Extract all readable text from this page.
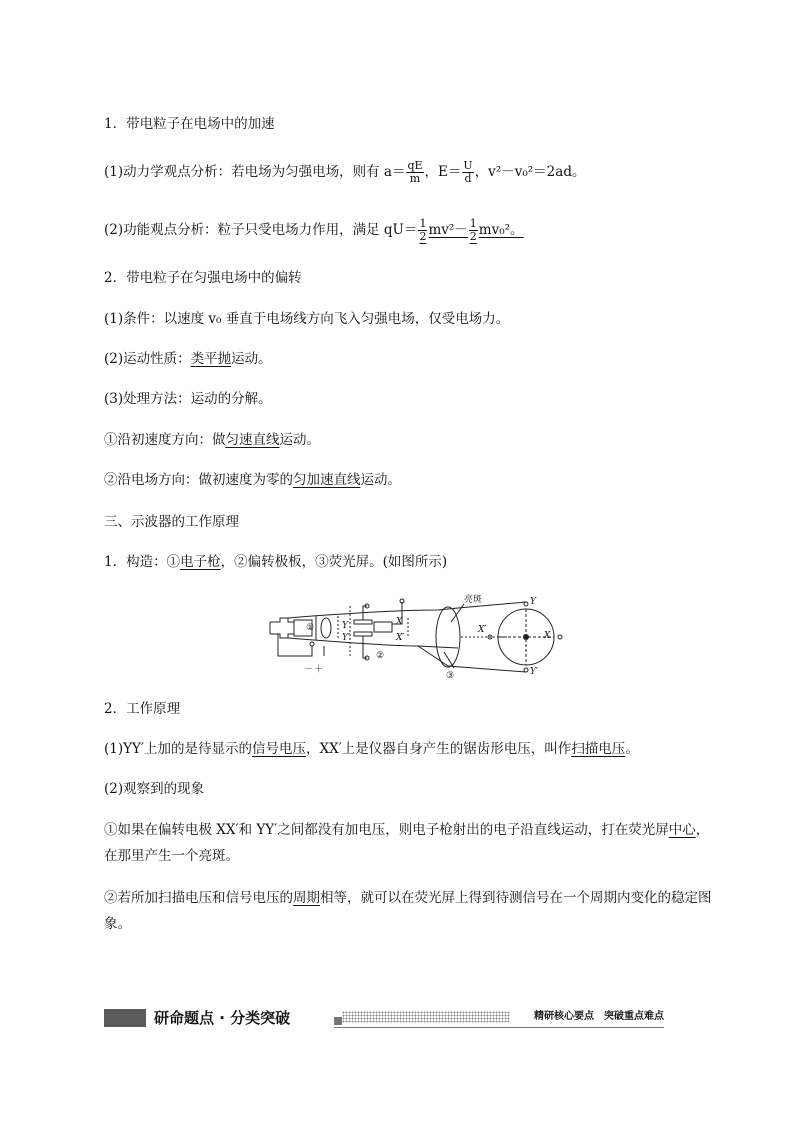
1．带电粒子在电场中的加速
(1)动力学观点分析：若电场为匀强电场，则有 $a= \frac{qE}{m}$ ，$E= \frac{U}{d}$ ，v²－v₀²＝2ad。
(2)功能观点分析：粒子只受电场力作用，满足 $qU= \frac{1}{2} mv^2- \frac{1}{2} mv_0^2$。
2．带电粒子在匀强电场中的偏转
(1)条件：以速度 v₀ 垂直于电场线方向飞入匀强电场，仅受电场力。
(2)运动性质：类平抛运动。
(3)处理方法：运动的分解。
①沿初速度方向：做匀速直线运动。
②沿电场方向：做初速度为零的匀加速直线运动。
三、示波器的工作原理
1．构造：①电子枪，②偏转极板，③荧光屏。(如图所示)
①
②
③
Y
Y′
X
X′
－ ＋
亮斑	Y
Y′
X
X′
2．工作原理
(1)YY′上加的是待显示的信号电压，XX′上是仪器自身产生的锯齿形电压，叫作扫描电压。
(2)观察到的现象
①如果在偏转电极 XX′和 YY′之间都没有加电压，则电子枪射出的电子沿直线运动，打在荧光屏中心，在那里产生一个亮斑。
②若所加扫描电压和信号电压的周期相等，就可以在荧光屏上得到待测信号在一个周期内变化的稳定图象。
研命题点 · 分类突破	精研核心要点　突破重点难点
